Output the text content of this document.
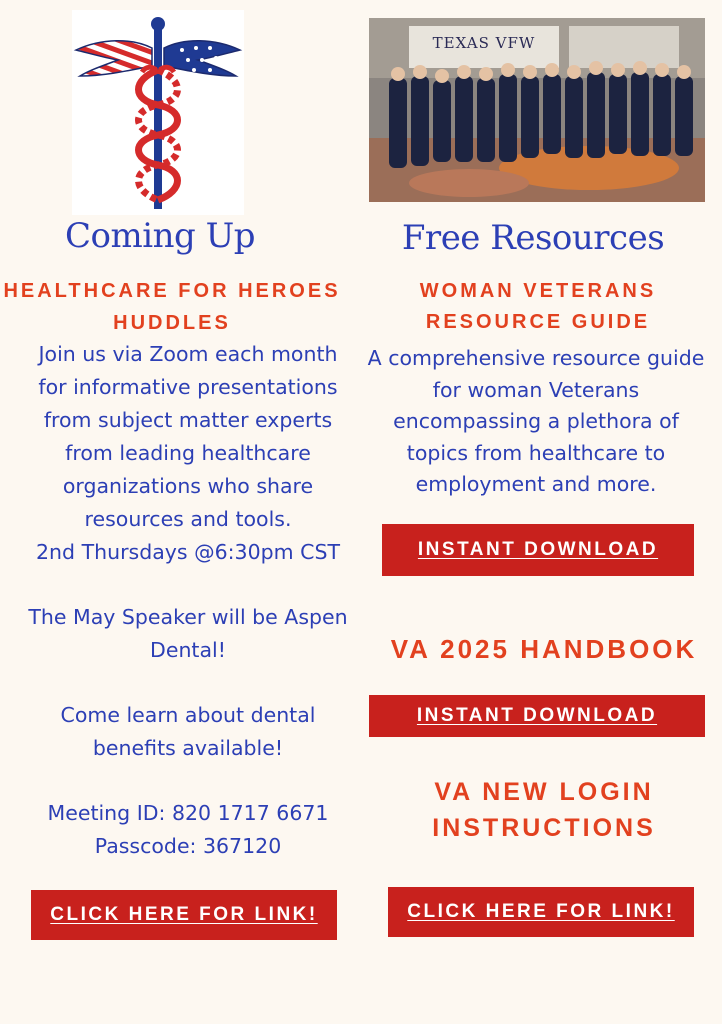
TEXAS VFW
Coming Up
HEALTHCARE FOR HEROES
HUDDLES
Join us via Zoom each month
for informative presentations
from subject matter experts
from leading healthcare
organizations who share
resources and tools.
2nd Thursdays @6:30pm CST
The May Speaker will be Aspen
Dental!
Come learn about dental
benefits available!
Meeting ID: 820 1717 6671
Passcode: 367120
CLICK HERE FOR LINK!
Free Resources
WOMAN VETERANS
RESOURCE GUIDE
A comprehensive resource guide
for woman Veterans
encompassing a plethora of
topics from healthcare to
employment and more.
INSTANT DOWNLOAD
VA 2025 HANDBOOK
INSTANT DOWNLOAD
VA NEW LOGIN
INSTRUCTIONS
CLICK HERE FOR LINK!
